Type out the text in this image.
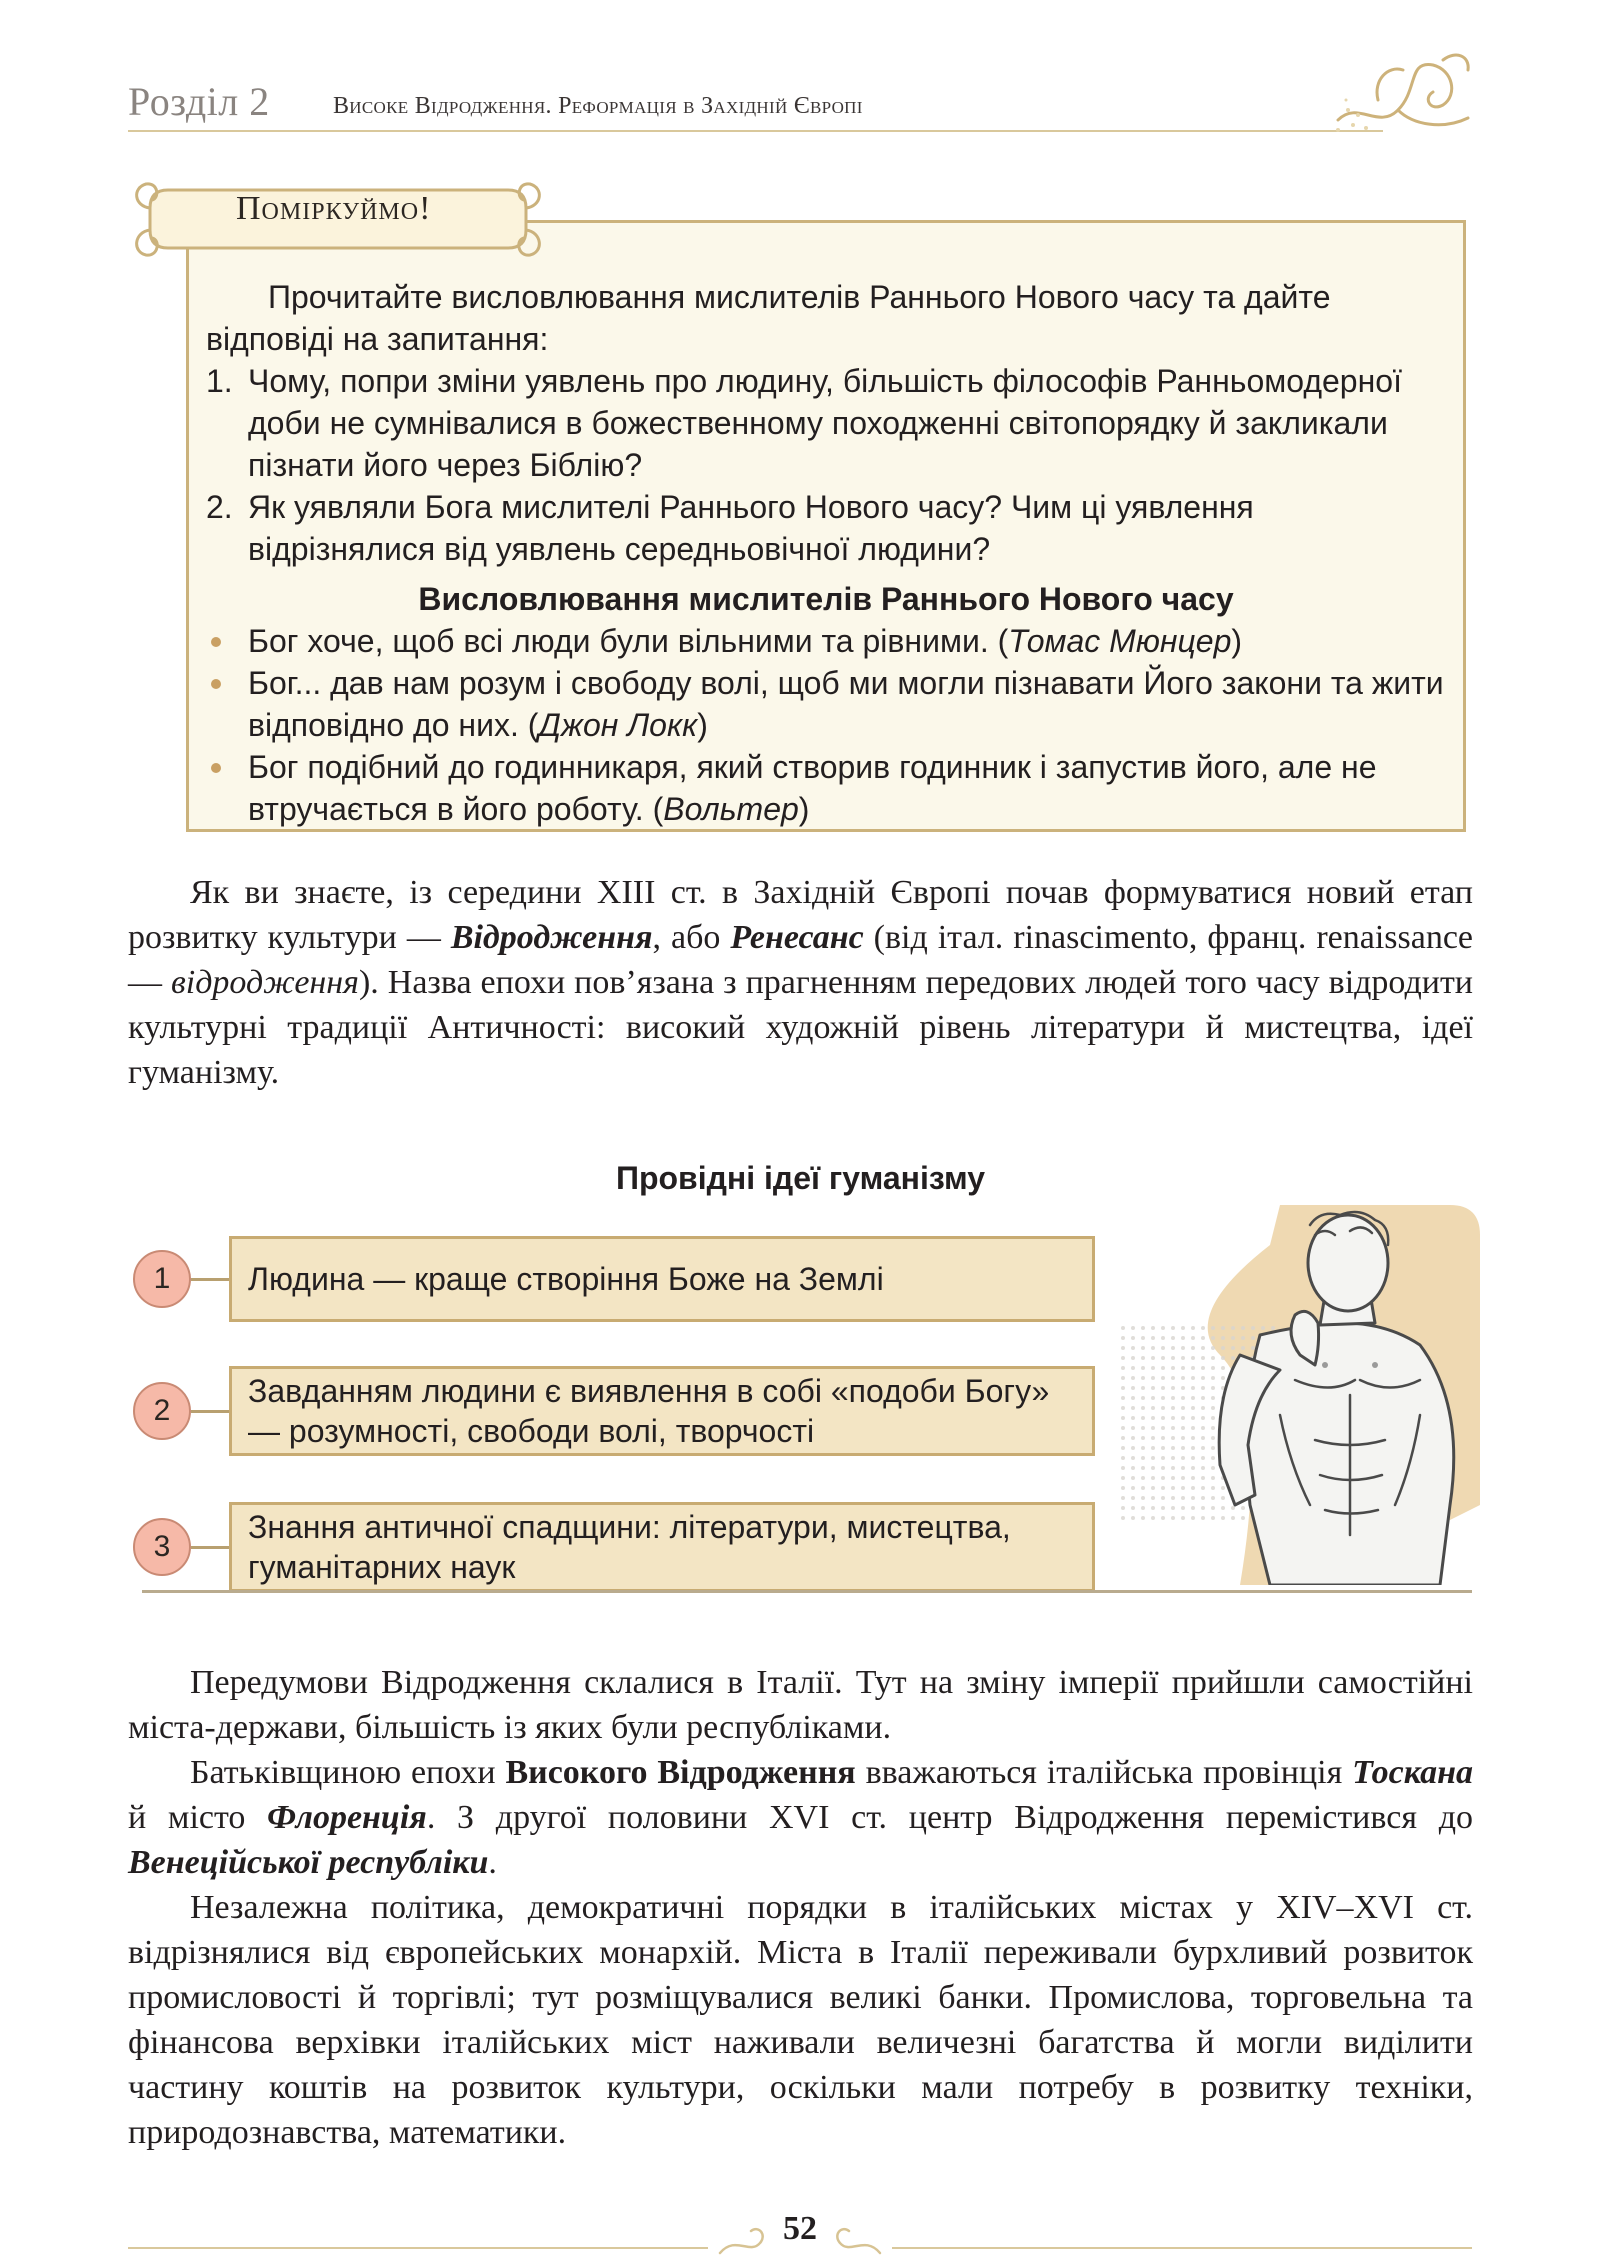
Розділ 2	Високе Відродження. Реформація в Західній Європі
Поміркуймо!
Прочитайте висловлювання мислителів Раннього Нового часу та дайте відповіді на запитання:
1. Чому, попри зміни уявлень про людину, більшість філософів Ранньомодерної доби не сумнівалися в божественному походженні світопорядку й закликали пізнати його через Біблію?
2. Як уявляли Бога мислителі Раннього Нового часу? Чим ці уявлення відрізнялися від уявлень середньовічної людини?
Висловлювання мислителів Раннього Нового часу
Бог хоче, щоб всі люди були вільними та рівними. (Томас Мюнцер)
Бог... дав нам розум і свободу волі, щоб ми могли пізнавати Його закони та жити відповідно до них. (Джон Локк)
Бог подібний до годинникаря, який створив годинник і запустив його, але не втручається в його роботу. (Вольтер)
Як ви знаєте, із середини XIII ст. в Західній Європі почав формуватися новий етап розвитку культури — Відродження, або Ренесанс (від італ. rinascimento, франц. renaissance — відродження). Назва епохи пов’язана з прагненням передових людей того часу відродити культурні традиції Античності: високий художній рівень літератури й мистецтва, ідеї гуманізму.
Провідні ідеї гуманізму
1	Людина — краще створіння Боже на Землі
2
Завданням людини є виявлення в собі «подоби Богу» — розумності, свободи волі, творчості
3
Знання античної спадщини: літератури, мистецтва, гуманітарних наук
Передумови Відродження склалися в Італії. Тут на зміну імперії прийшли самостійні міста-держави, більшість із яких були республіками.
Батьківщиною епохи Високого Відродження вважаються італійська провінція Тоскана й місто Флоренція. З другої половини XVI ст. центр Відродження перемістився до Венеційської республіки.
Незалежна політика, демократичні порядки в італійських містах у XIV–XVI ст. відрізнялися від європейських монархій. Міста в Італії переживали бурхливий розвиток промисловості й торгівлі; тут розміщувалися великі банки. Промислова, торговельна та фінансова верхівки італійських міст наживали величезні багатства й могли виділити частину коштів на розвиток культури, оскільки мали потребу в розвитку техніки, природознавства, математики.
52
